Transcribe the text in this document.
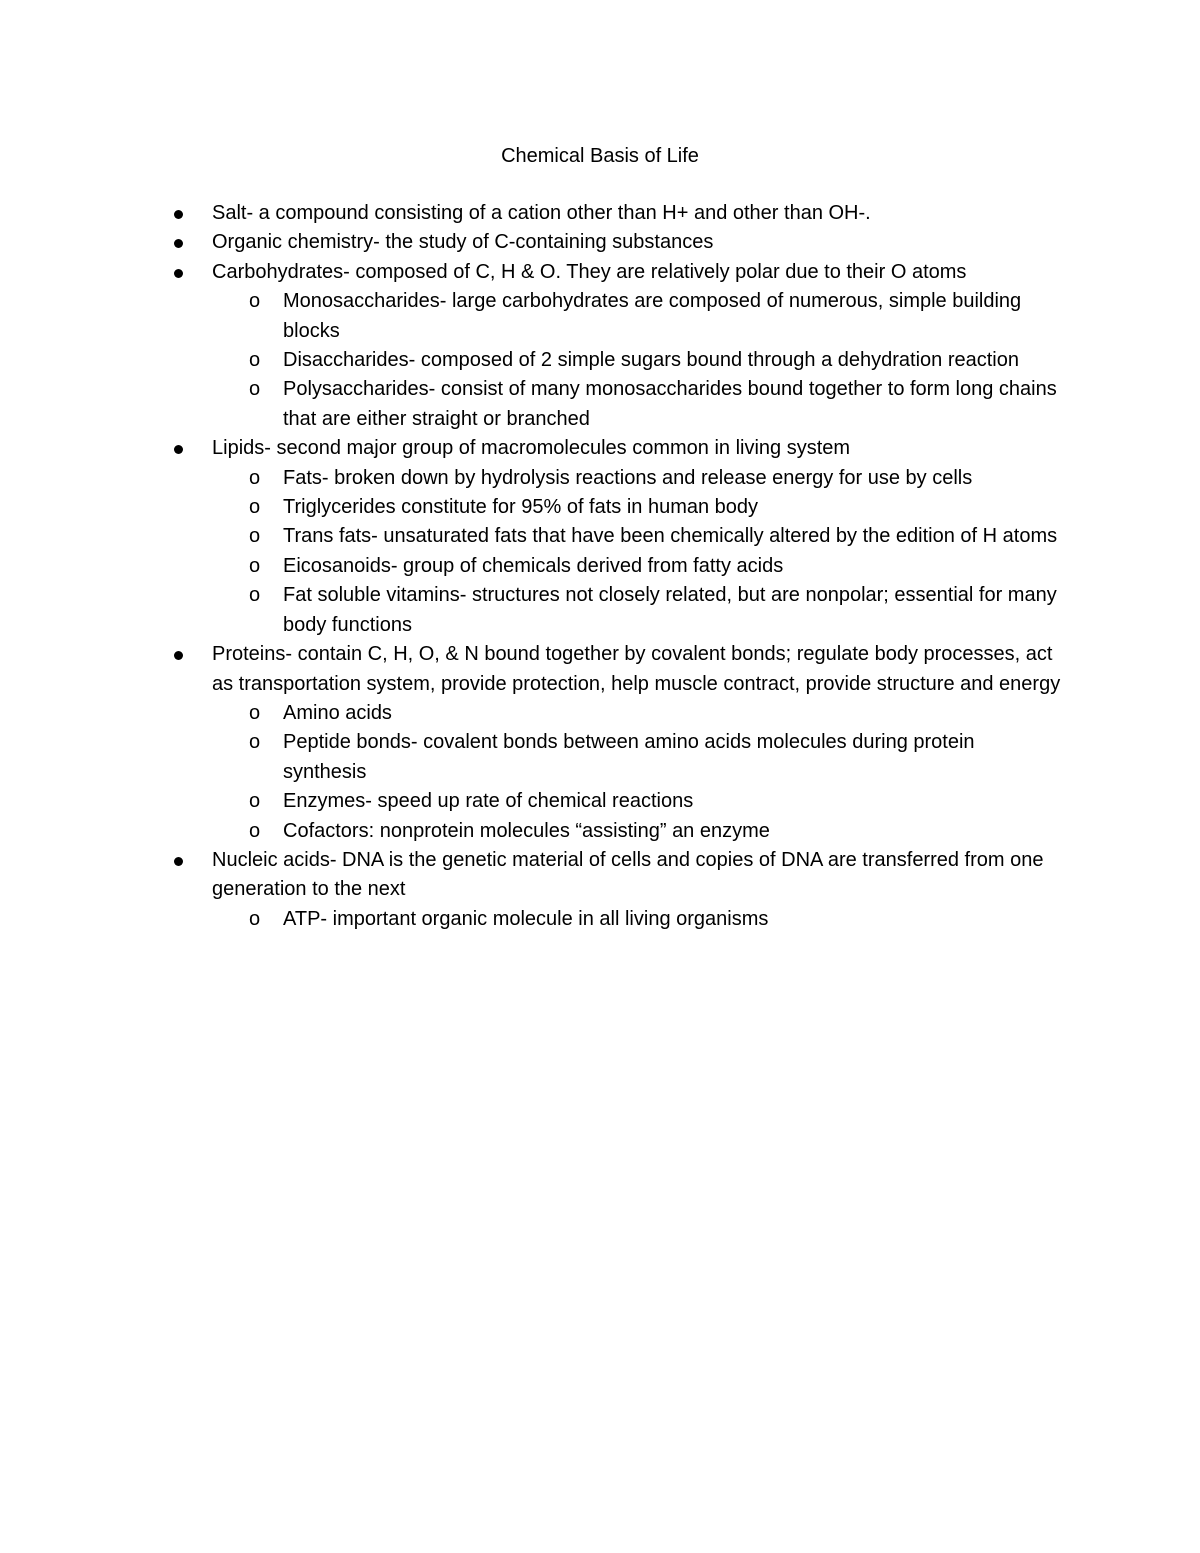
Chemical Basis of Life
Salt- a compound consisting of a cation other than H+ and other than OH-.
Organic chemistry- the study of C-containing substances
Carbohydrates- composed of C, H & O. They are relatively polar due to their O atoms
o Monosaccharides- large carbohydrates are composed of numerous, simple building blocks
o Disaccharides- composed of 2 simple sugars bound through a dehydration reaction
o Polysaccharides- consist of many monosaccharides bound together to form long chains that are either straight or branched
Lipids- second major group of macromolecules common in living system
o Fats- broken down by hydrolysis reactions and release energy for use by cells
o Triglycerides constitute for 95% of fats in human body
o Trans fats- unsaturated fats that have been chemically altered by the edition of H atoms
o Eicosanoids- group of chemicals derived from fatty acids
o Fat soluble vitamins- structures not closely related, but are nonpolar; essential for many body functions
Proteins- contain C, H, O, & N bound together by covalent bonds; regulate body processes, act as transportation system, provide protection, help muscle contract, provide structure and energy
o Amino acids
o Peptide bonds- covalent bonds between amino acids molecules during protein synthesis
o Enzymes- speed up rate of chemical reactions
o Cofactors: nonprotein molecules “assisting” an enzyme
Nucleic acids- DNA is the genetic material of cells and copies of DNA are transferred from one generation to the next
o ATP- important organic molecule in all living organisms
